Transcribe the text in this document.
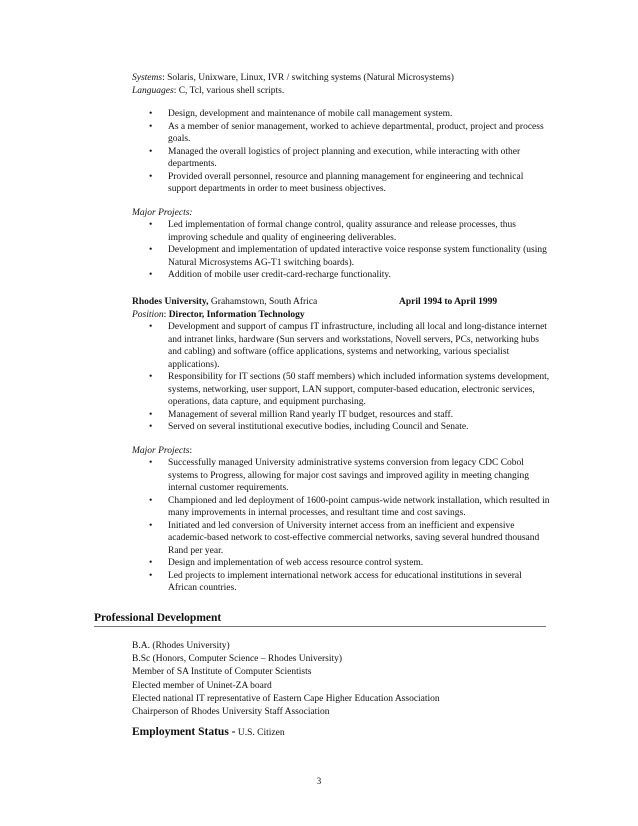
Systems: Solaris, Unixware, Linux, IVR / switching systems (Natural Microsystems)
Languages: C, Tcl, various shell scripts.
• Design, development and maintenance of mobile call management system.
• As a member of senior management, worked to achieve departmental, product, project and process goals.
• Managed the overall logistics of project planning and execution, while interacting with other departments.
• Provided overall personnel, resource and planning management for engineering and technical support departments in order to meet business objectives.
Major Projects:
• Led implementation of formal change control, quality assurance and release processes, thus improving schedule and quality of engineering deliverables.
• Development and implementation of updated interactive voice response system functionality (using Natural Microsystems AG-T1 switching boards).
• Addition of mobile user credit-card-recharge functionality.
Rhodes University, Grahamstown, South Africa	April 1994 to April 1999
Position: Director, Information Technology
• Development and support of campus IT infrastructure, including all local and long-distance internet and intranet links, hardware (Sun servers and workstations, Novell servers, PCs, networking hubs and cabling) and software (office applications, systems and networking, various specialist applications).
• Responsibility for IT sections (50 staff members) which included information systems development, systems, networking, user support, LAN support, computer-based education, electronic services, operations, data capture, and equipment purchasing.
• Management of several million Rand yearly IT budget, resources and staff.
• Served on several institutional executive bodies, including Council and Senate.
Major Projects:
• Successfully managed University administrative systems conversion from legacy CDC Cobol systems to Progress, allowing for major cost savings and improved agility in meeting changing internal customer requirements.
• Championed and led deployment of 1600-point campus-wide network installation, which resulted in many improvements in internal processes, and resultant time and cost savings.
• Initiated and led conversion of University internet access from an inefficient and expensive academic-based network to cost-effective commercial networks, saving several hundred thousand Rand per year.
• Design and implementation of web access resource control system.
• Led projects to implement international network access for educational institutions in several African countries.
Professional Development
B.A. (Rhodes University)
B.Sc (Honors, Computer Science – Rhodes University)
Member of SA Institute of Computer Scientists
Elected member of Uninet-ZA board
Elected national IT representative of Eastern Cape Higher Education Association
Chairperson of Rhodes University Staff Association
Employment Status - U.S. Citizen
3
